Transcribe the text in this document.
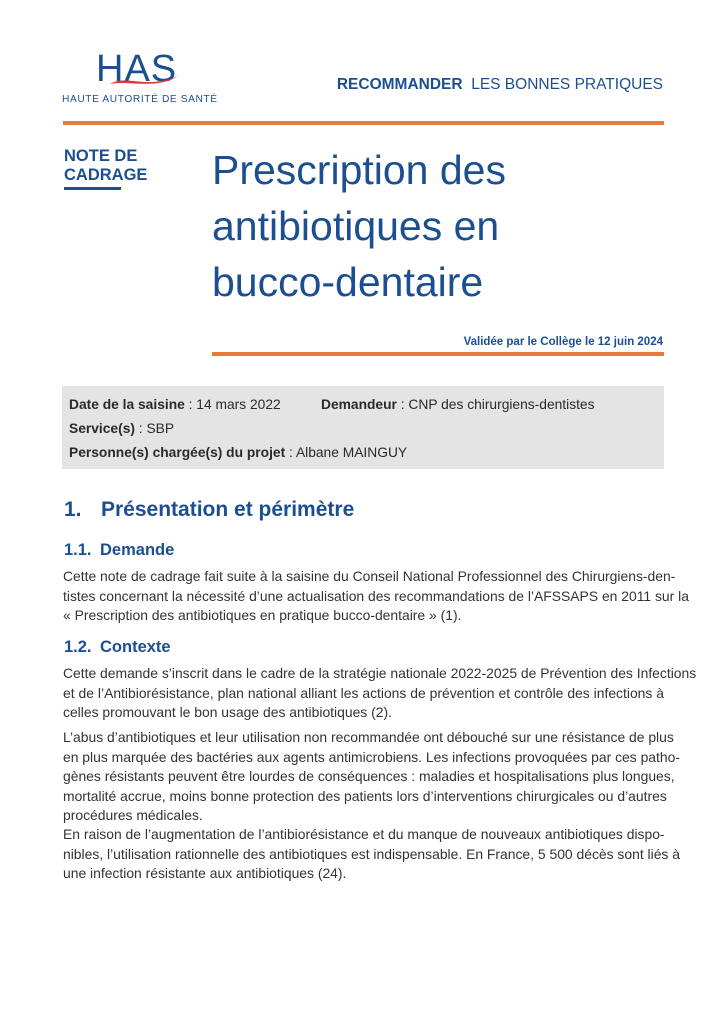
HAS
HAUTE AUTORITÉ DE SANTÉ
RECOMMANDER LES BONNES PRATIQUES
NOTE DE
CADRAGE Prescription des
antibiotiques en
bucco-dentaire
Validée par le Collège le 12 juin 2024
Date de la saisine : 14 mars 2022	Demandeur : CNP des chirurgiens-dentistes
Service(s) : SBP
Personne(s) chargée(s) du projet : Albane MAINGUY
1. Présentation et périmètre
1.1. Demande
Cette note de cadrage fait suite à la saisine du Conseil National Professionnel des Chirurgiens-den-
tistes concernant la nécessité d’une actualisation des recommandations de l’AFSSAPS en 2011 sur la
« Prescription des antibiotiques en pratique bucco-dentaire » (1).
1.2. Contexte
Cette demande s’inscrit dans le cadre de la stratégie nationale 2022-2025 de Prévention des Infections
et de l’Antibiorésistance, plan national alliant les actions de prévention et contrôle des infections à
celles promouvant le bon usage des antibiotiques (2).
L’abus d’antibiotiques et leur utilisation non recommandée ont débouché sur une résistance de plus
en plus marquée des bactéries aux agents antimicrobiens. Les infections provoquées par ces patho-
gènes résistants peuvent être lourdes de conséquences : maladies et hospitalisations plus longues,
mortalité accrue, moins bonne protection des patients lors d’interventions chirurgicales ou d’autres
procédures médicales.
En raison de l’augmentation de l’antibiorésistance et du manque de nouveaux antibiotiques dispo-
nibles, l’utilisation rationnelle des antibiotiques est indispensable. En France, 5 500 décès sont liés à
une infection résistante aux antibiotiques (24).
